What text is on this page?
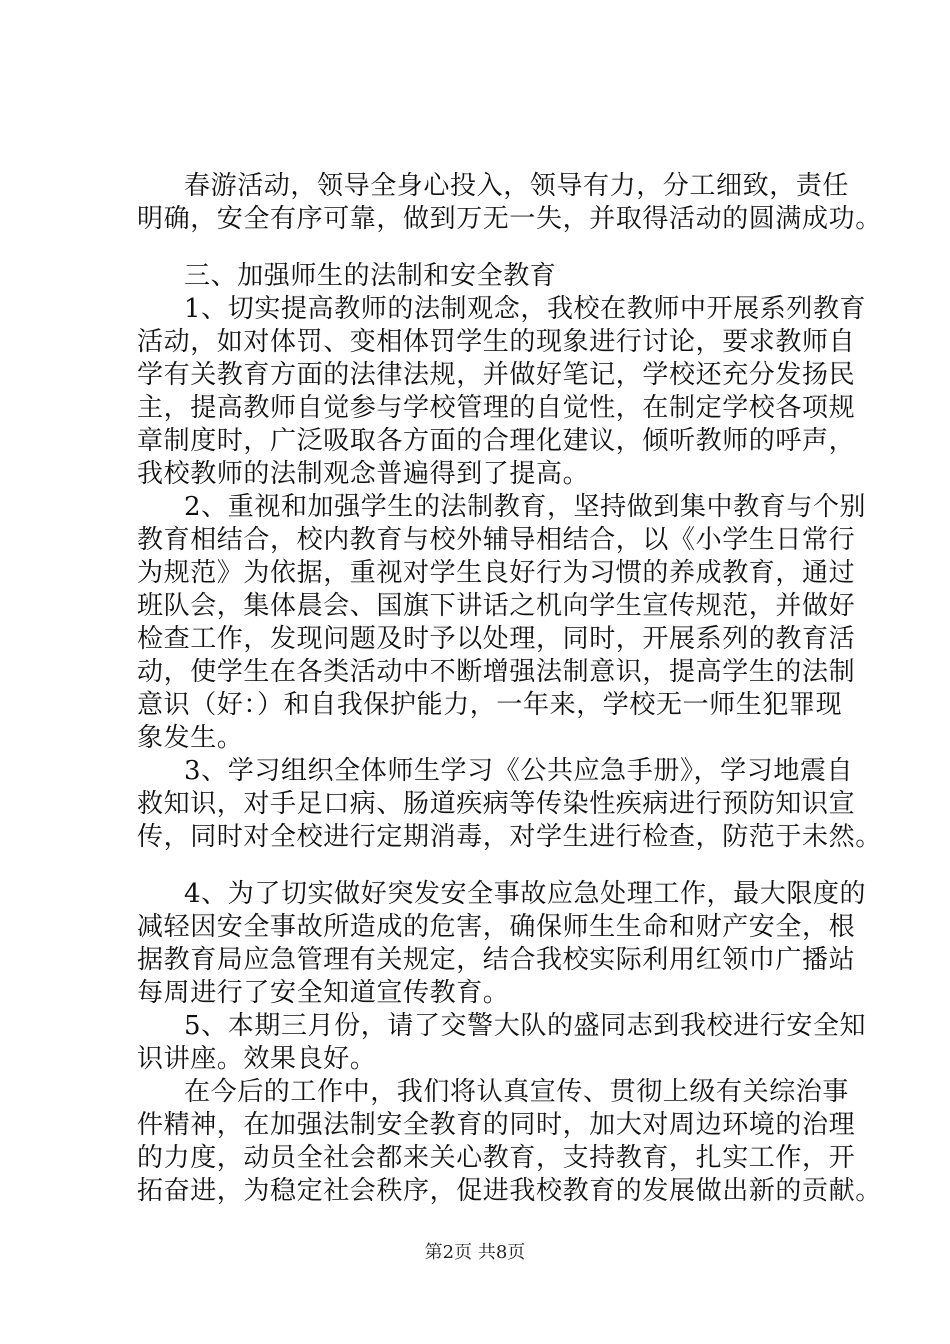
春游活动，领导全身心投入，领导有力，分工细致，责任
明确，安全有序可靠，做到万无一失，并取得活动的圆满成功。
三、加强师生的法制和安全教育
1、切实提高教师的法制观念，我校在教师中开展系列教育
活动，如对体罚、变相体罚学生的现象进行讨论，要求教师自
学有关教育方面的法律法规，并做好笔记，学校还充分发扬民
主，提高教师自觉参与学校管理的自觉性，在制定学校各项规
章制度时，广泛吸取各方面的合理化建议，倾听教师的呼声，
我校教师的法制观念普遍得到了提高。
2、重视和加强学生的法制教育，坚持做到集中教育与个别
教育相结合，校内教育与校外辅导相结合，以《小学生日常行
为规范》为依据，重视对学生良好行为习惯的养成教育，通过
班队会，集体晨会、国旗下讲话之机向学生宣传规范，并做好
检查工作，发现问题及时予以处理，同时，开展系列的教育活
动，使学生在各类活动中不断增强法制意识，提高学生的法制
意识（好：）和自我保护能力，一年来，学校无一师生犯罪现
象发生。
3、学习组织全体师生学习《公共应急手册》，学习地震自
救知识，对手足口病、肠道疾病等传染性疾病进行预防知识宣
传，同时对全校进行定期消毒，对学生进行检查，防范于未然。
4、为了切实做好突发安全事故应急处理工作，最大限度的
减轻因安全事故所造成的危害，确保师生生命和财产安全，根
据教育局应急管理有关规定，结合我校实际利用红领巾广播站
每周进行了安全知道宣传教育。
5、本期三月份，请了交警大队的盛同志到我校进行安全知
识讲座。效果良好。
在今后的工作中，我们将认真宣传、贯彻上级有关综治事
件精神，在加强法制安全教育的同时，加大对周边环境的治理
的力度，动员全社会都来关心教育，支持教育，扎实工作，开
拓奋进，为稳定社会秩序，促进我校教育的发展做出新的贡献。
第2页 共8页
